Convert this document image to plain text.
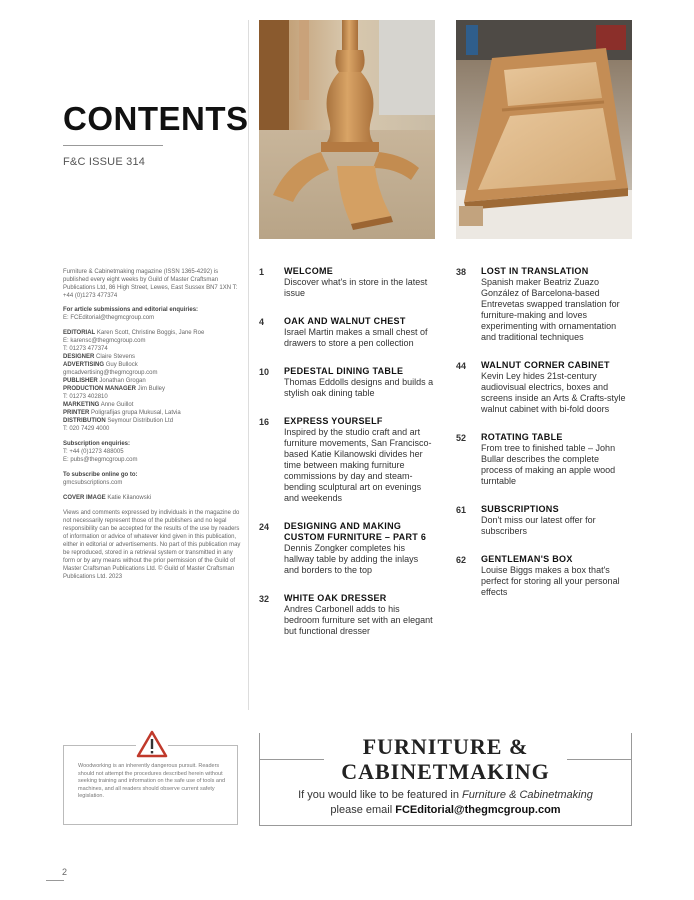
CONTENTS
F&C ISSUE 314

Furniture & Cabinetmaking magazine (ISSN 1365-4292) is published every eight weeks by Guild of Master Craftsman Publications Ltd, 86 High Street, Lewes, East Sussex BN7 1XN T: +44 (0)1273 477374

For article submissions and editorial enquiries:
E: FCEditorial@thegmcgroup.com

EDITORIAL Karen Scott, Christine Boggis, Jane Roe
E: karensc@thegmcgroup.com
T: 01273 477374
DESIGNER Claire Stevens
ADVERTISING Guy Bullock
gmcadvertising@thegmcgroup.com
PUBLISHER Jonathan Grogan
PRODUCTION MANAGER Jim Bulley
T: 01273 402810
MARKETING Anne Guillot
PRINTER Poligrafijas grupa Mukusal, Latvia
DISTRIBUTION Seymour Distribution Ltd
T: 020 7429 4000

Subscription enquiries:
T: +44 (0)1273 488005
E: pubs@thegmcgroup.com

To subscribe online go to:
gmcsubscriptions.com

COVER IMAGE Katie Kilanowski

Views and comments expressed by individuals in the magazine do not necessarily represent those of the publishers and no legal responsibility can be accepted for the results of the use by readers of information or advice of whatever kind given in this publication, either in editorial or advertisements. No part of this publication may be reproduced, stored in a retrieval system or transmitted in any form or by any means without the prior permission of the Guild of Master Craftsman Publications Ltd. © Guild of Master Craftsman Publications Ltd. 2023

Woodworking is an inherently dangerous pursuit. Readers should not attempt the procedures described herein without seeking training and information on the safe use of tools and machines, and all readers should observe current safety legislation.
2
1 WELCOME
Discover what's in store in the latest issue
4 OAK AND WALNUT CHEST
Israel Martin makes a small chest of drawers to store a pen collection
10 PEDESTAL DINING TABLE
Thomas Eddolls designs and builds a stylish oak dining table
16 EXPRESS YOURSELF
Inspired by the studio craft and art furniture movements, San Francisco-based Katie Kilanowski divides her time between making furniture commissions by day and steam-bending sculptural art on evenings and weekends
24 DESIGNING AND MAKING CUSTOM FURNITURE – PART 6
Dennis Zongker completes his hallway table by adding the inlays and borders to the top
32 WHITE OAK DRESSER
Andres Carbonell adds to his bedroom furniture set with an elegant but functional dresser
38 LOST IN TRANSLATION
Spanish maker Beatriz Zuazo González of Barcelona-based Entrevetas swapped translation for furniture-making and loves experimenting with ornamentation and traditional techniques
44 WALNUT CORNER CABINET
Kevin Ley hides 21st-century audiovisual electrics, boxes and screens inside an Arts & Crafts-style walnut cabinet with bi-fold doors
52 ROTATING TABLE
From tree to finished table – John Bullar describes the complete process of making an apple wood turntable
61 SUBSCRIPTIONS
Don't miss our latest offer for subscribers
62 GENTLEMAN'S BOX
Louise Biggs makes a box that's perfect for storing all your personal effects
FURNITURE &
CABINETMAKING
If you would like to be featured in Furniture & Cabinetmaking
please email FCEditorial@thegmcgroup.com
